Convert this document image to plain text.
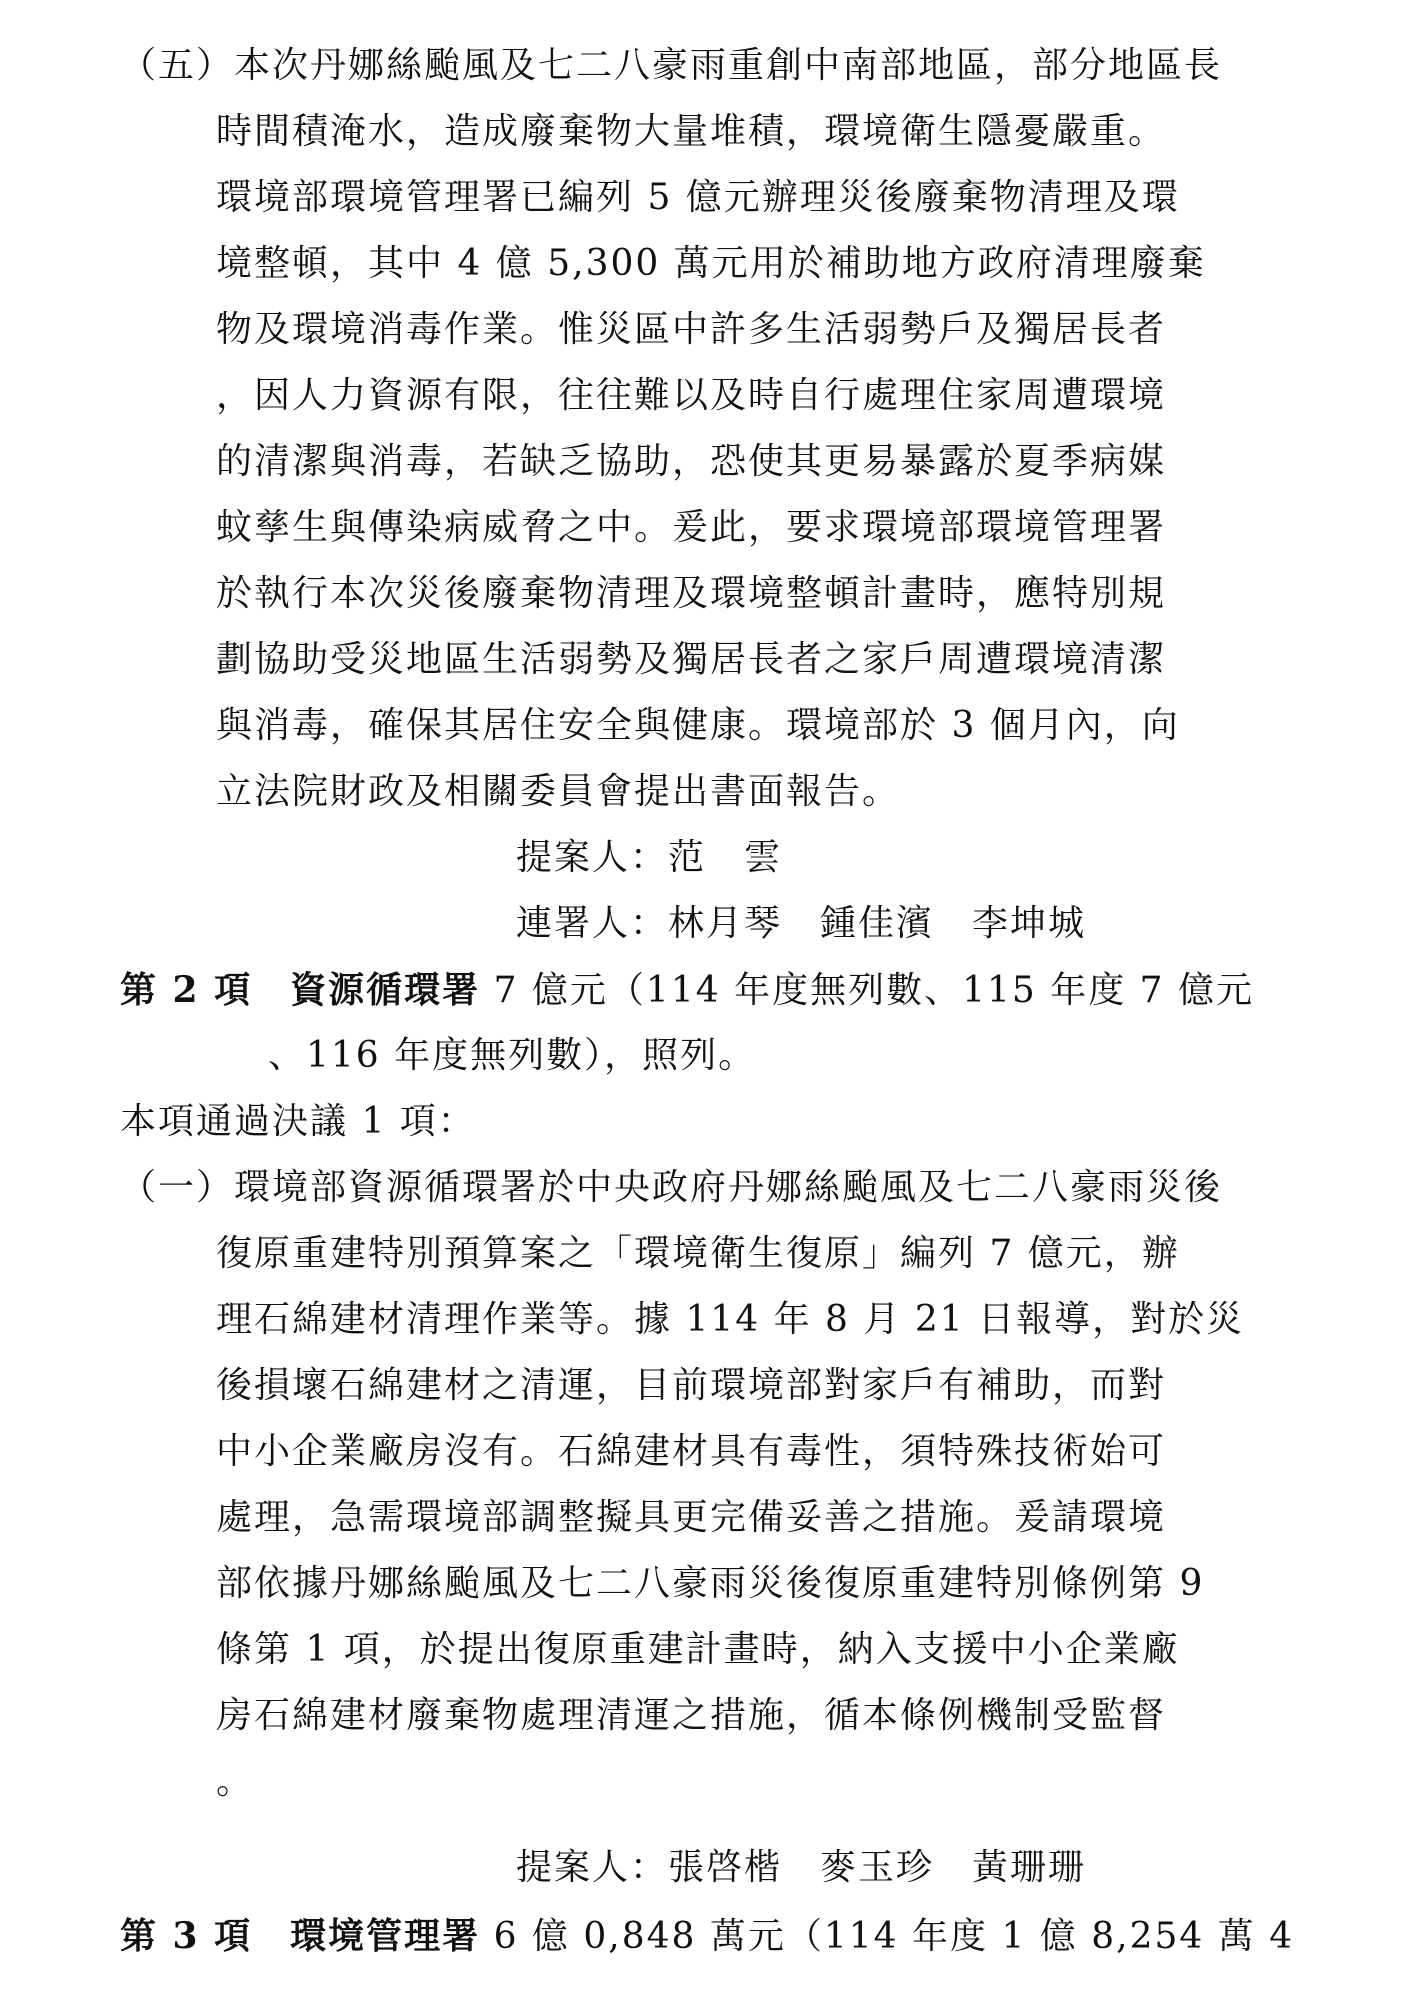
（五）本次丹娜絲颱風及七二八豪雨重創中南部地區，部分地區長
時間積淹水，造成廢棄物大量堆積，環境衛生隱憂嚴重。
環境部環境管理署已編列 5 億元辦理災後廢棄物清理及環
境整頓，其中 4 億 5,300 萬元用於補助地方政府清理廢棄
物及環境消毒作業。惟災區中許多生活弱勢戶及獨居長者
，因人力資源有限，往往難以及時自行處理住家周遭環境
的清潔與消毒，若缺乏協助，恐使其更易暴露於夏季病媒
蚊孳生與傳染病威脅之中。爰此，要求環境部環境管理署
於執行本次災後廢棄物清理及環境整頓計畫時，應特別規
劃協助受災地區生活弱勢及獨居長者之家戶周遭環境清潔
與消毒，確保其居住安全與健康。環境部於 3 個月內，向
立法院財政及相關委員會提出書面報告。
提案人：范　雲
連署人：林月琴　鍾佳濱　李坤城
第 2 項　資源循環署 7 億元（114 年度無列數、115 年度 7 億元
、116 年度無列數），照列。
本項通過決議 1 項：
（一）環境部資源循環署於中央政府丹娜絲颱風及七二八豪雨災後
復原重建特別預算案之「環境衛生復原」編列 7 億元，辦
理石綿建材清理作業等。據 114 年 8 月 21 日報導，對於災
後損壞石綿建材之清運，目前環境部對家戶有補助，而對
中小企業廠房沒有。石綿建材具有毒性，須特殊技術始可
處理，急需環境部調整擬具更完備妥善之措施。爰請環境
部依據丹娜絲颱風及七二八豪雨災後復原重建特別條例第 9
條第 1 項，於提出復原重建計畫時，納入支援中小企業廠
房石綿建材廢棄物處理清運之措施，循本條例機制受監督
。
提案人：張啓楷　麥玉珍　黃珊珊
第 3 項　環境管理署 6 億 0,848 萬元（114 年度 1 億 8,254 萬 4
